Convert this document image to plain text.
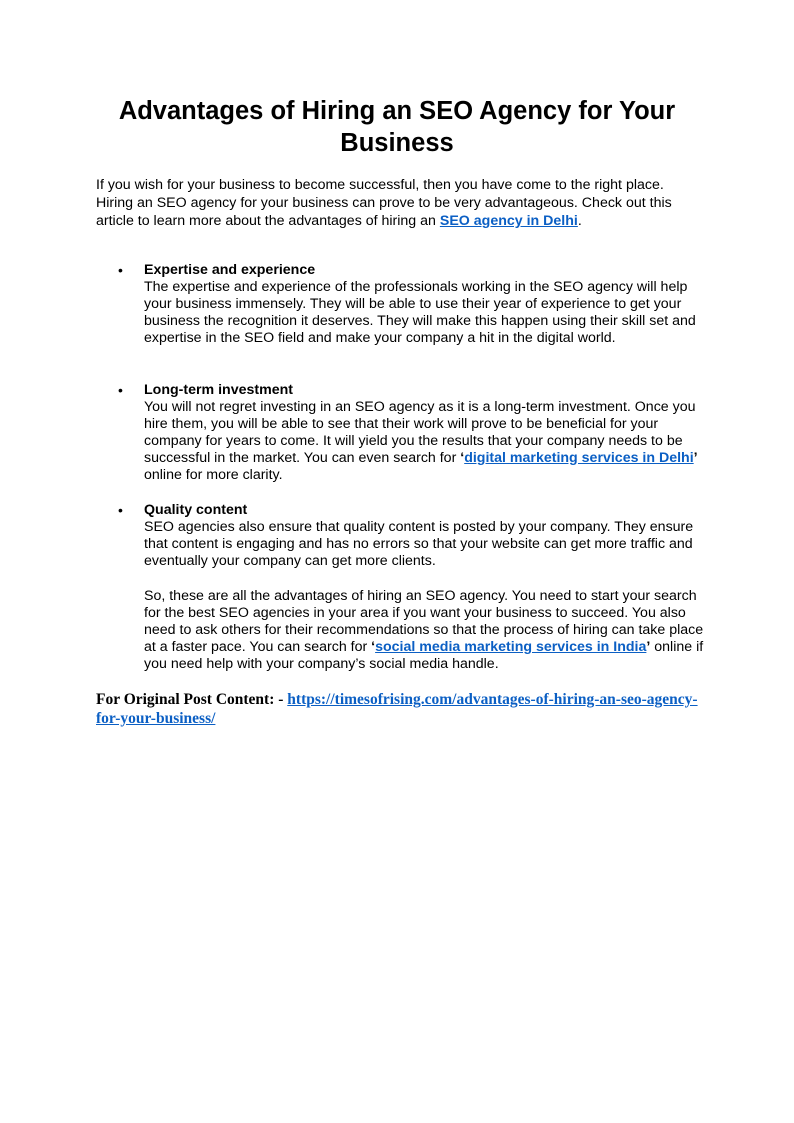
Advantages of Hiring an SEO Agency for Your Business

If you wish for your business to become successful, then you have come to the right place. Hiring an SEO agency for your business can prove to be very advantageous. Check out this article to learn more about the advantages of hiring an SEO agency in Delhi.

• Expertise and experience
The expertise and experience of the professionals working in the SEO agency will help your business immensely. They will be able to use their year of experience to get your business the recognition it deserves. They will make this happen using their skill set and expertise in the SEO field and make your company a hit in the digital world.
• Long-term investment
You will not regret investing in an SEO agency as it is a long-term investment. Once you hire them, you will be able to see that their work will prove to be beneficial for your company for years to come. It will yield you the results that your company needs to be successful in the market. You can even search for ‘digital marketing services in Delhi’ online for more clarity.
• Quality content
SEO agencies also ensure that quality content is posted by your company. They ensure that content is engaging and has no errors so that your website can get more traffic and eventually your company can get more clients.

So, these are all the advantages of hiring an SEO agency. You need to start your search for the best SEO agencies in your area if you want your business to succeed. You also need to ask others for their recommendations so that the process of hiring can take place at a faster pace. You can search for ‘social media marketing services in India’ online if you need help with your company’s social media handle.

For Original Post Content: - https://timesofrising.com/advantages-of-hiring-an-seo-agency-for-your-business/
